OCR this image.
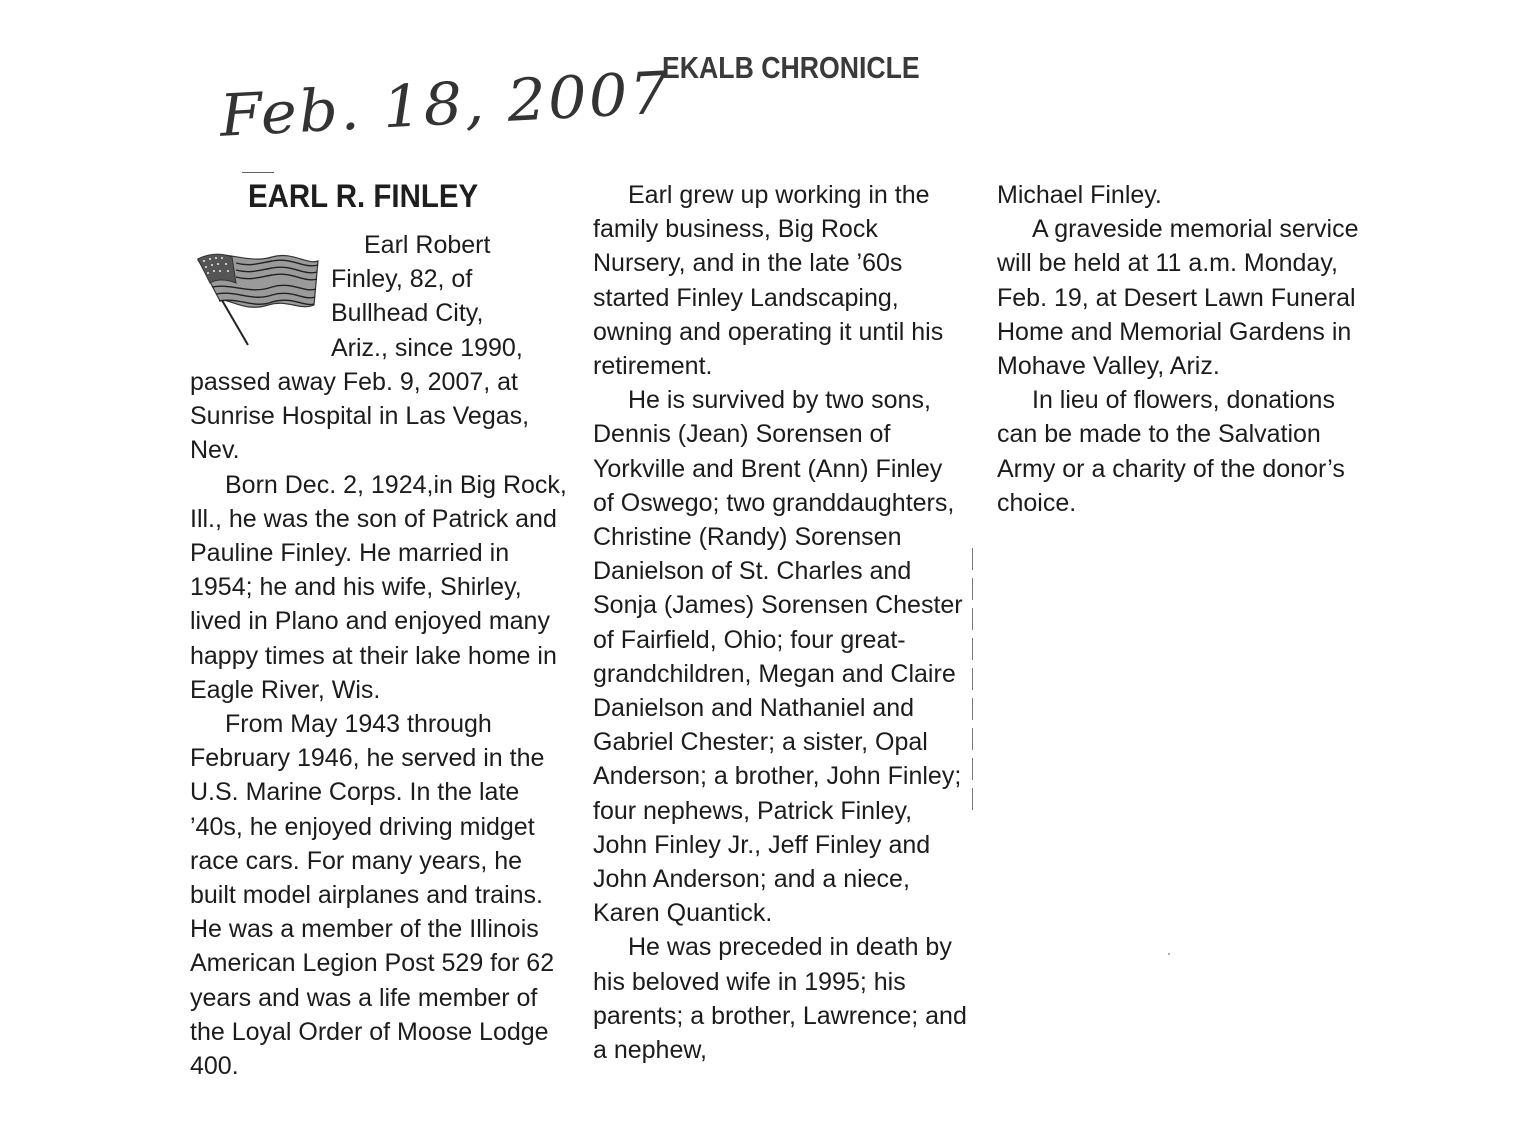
EKALB CHRONICLE
Feb. 18, 2007
EARL R. FINLEY
Earl Robert
Finley, 82, of
Bullhead City,
Ariz., since 1990,

passed away Feb. 9, 2007, at Sunrise Hospital in Las Vegas, Nev.

Born Dec. 2, 1924,in Big Rock, Ill., he was the son of Patrick and Pauline Finley. He married in 1954; he and his wife, Shirley, lived in Plano and enjoyed many happy times at their lake home in Eagle River, Wis.

From May 1943 through February 1946, he served in the U.S. Marine Corps. In the late ’40s, he enjoyed driving midget race cars. For many years, he built model airplanes and trains. He was a member of the Illinois American Legion Post 529 for 62 years and was a life member of the Loyal Order of Moose Lodge 400.

Earl grew up working in the family business, Big Rock Nursery, and in the late ’60s started Finley Landscaping, owning and operating it until his retirement.

He is survived by two sons, Dennis (Jean) Sorensen of Yorkville and Brent (Ann) Finley of Oswego; two granddaughters, Christine (Randy) Sorensen Danielson of St. Charles and Sonja (James) Sorensen Chester of Fairfield, Ohio; four great-grandchildren, Megan and Claire Danielson and Nathaniel and Gabriel Chester; a sister, Opal Anderson; a brother, John Finley; four nephews, Patrick Finley, John Finley Jr., Jeff Finley and John Anderson; and a niece, Karen Quantick.

He was preceded in death by his beloved wife in 1995; his parents; a brother, Lawrence; and a nephew,

Michael Finley.

A graveside memorial service will be held at 11 a.m. Monday, Feb. 19, at Desert Lawn Funeral Home and Memorial Gardens in Mohave Valley, Ariz.

In lieu of flowers, donations can be made to the Salvation Army or a charity of the donor’s choice.
